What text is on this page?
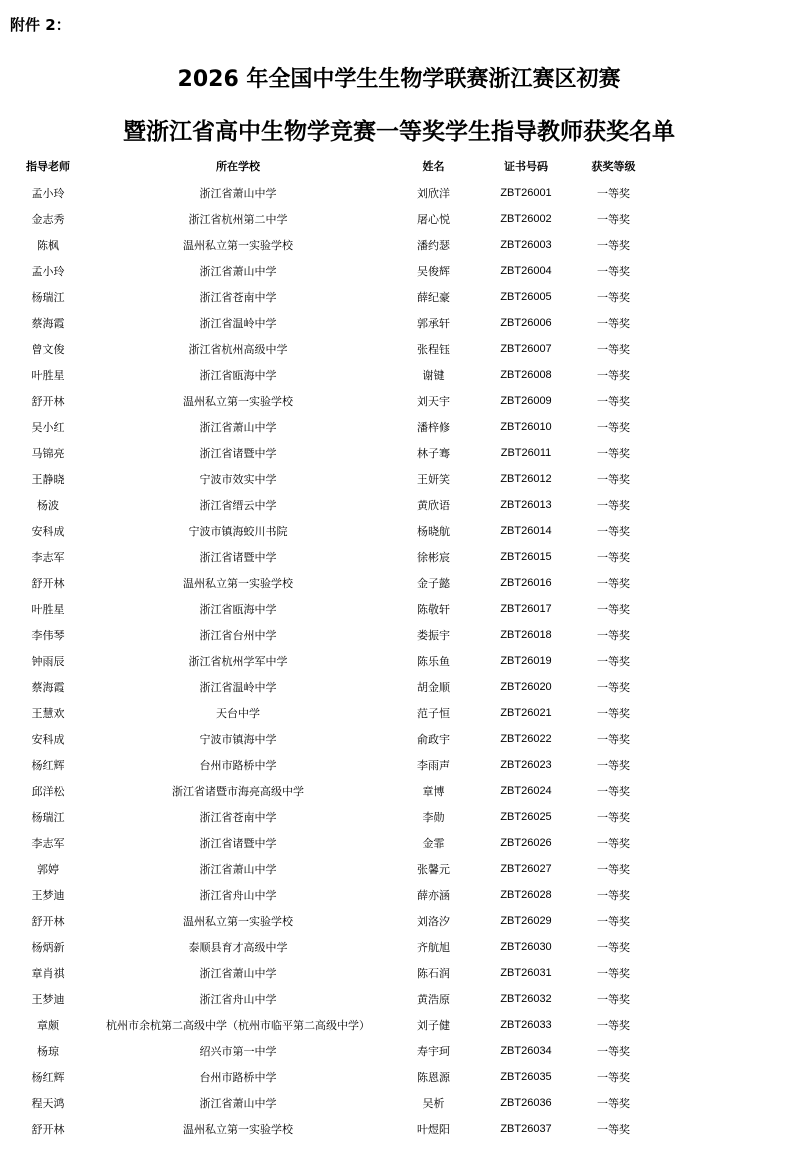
附件 2：
2026 年全国中学生生物学联赛浙江赛区初赛
暨浙江省高中生物学竞赛一等奖学生指导教师获奖名单
指导老师	所在学校	姓名	证书号码	获奖等级	
孟小玲	浙江省萧山中学	刘欣洋	ZBT26001	一等奖	
金志秀	浙江省杭州第二中学	屠心悦	ZBT26002	一等奖	
陈枫	温州私立第一实验学校	潘约瑟	ZBT26003	一等奖	
孟小玲	浙江省萧山中学	吴俊辉	ZBT26004	一等奖	
杨瑞江	浙江省苍南中学	薛纪豪	ZBT26005	一等奖	
蔡海霞	浙江省温岭中学	郭承轩	ZBT26006	一等奖	
曾文俊	浙江省杭州高级中学	张程钰	ZBT26007	一等奖	
叶胜星	浙江省瓯海中学	谢键	ZBT26008	一等奖	
舒开林	温州私立第一实验学校	刘天宇	ZBT26009	一等奖	
吴小红	浙江省萧山中学	潘梓修	ZBT26010	一等奖	
马锦亮	浙江省诸暨中学	林子骞	ZBT26011	一等奖	
王静晓	宁波市效实中学	王妍笑	ZBT26012	一等奖	
杨波	浙江省缙云中学	黄欣语	ZBT26013	一等奖	
安科成	宁波市镇海蛟川书院	杨晓航	ZBT26014	一等奖	
李志军	浙江省诸暨中学	徐彬宸	ZBT26015	一等奖	
舒开林	温州私立第一实验学校	金子懿	ZBT26016	一等奖	
叶胜星	浙江省瓯海中学	陈敬轩	ZBT26017	一等奖	
李伟琴	浙江省台州中学	娄振宇	ZBT26018	一等奖	
钟雨辰	浙江省杭州学军中学	陈乐鱼	ZBT26019	一等奖	
蔡海霞	浙江省温岭中学	胡金顺	ZBT26020	一等奖	
王慧欢	天台中学	范子恒	ZBT26021	一等奖	
安科成	宁波市镇海中学	俞政宇	ZBT26022	一等奖	
杨红辉	台州市路桥中学	李雨声	ZBT26023	一等奖	
邱洋松	浙江省诸暨市海亮高级中学	章博	ZBT26024	一等奖	
杨瑞江	浙江省苍南中学	李勋	ZBT26025	一等奖	
李志军	浙江省诸暨中学	金霏	ZBT26026	一等奖	
郭婷	浙江省萧山中学	张馨元	ZBT26027	一等奖	
王梦迪	浙江省舟山中学	薛亦涵	ZBT26028	一等奖	
舒开林	温州私立第一实验学校	刘洛汐	ZBT26029	一等奖	
杨炳新	泰顺县育才高级中学	齐航旭	ZBT26030	一等奖	
章肖祺	浙江省萧山中学	陈石润	ZBT26031	一等奖	
王梦迪	浙江省舟山中学	黄浩原	ZBT26032	一等奖	
章颇	杭州市余杭第二高级中学（杭州市临平第二高级中学）	刘子健	ZBT26033	一等奖	
杨琼	绍兴市第一中学	寿宇珂	ZBT26034	一等奖	
杨红辉	台州市路桥中学	陈恩源	ZBT26035	一等奖	
程天鸿	浙江省萧山中学	吴析	ZBT26036	一等奖	
舒开林	温州私立第一实验学校	叶煜阳	ZBT26037	一等奖	
